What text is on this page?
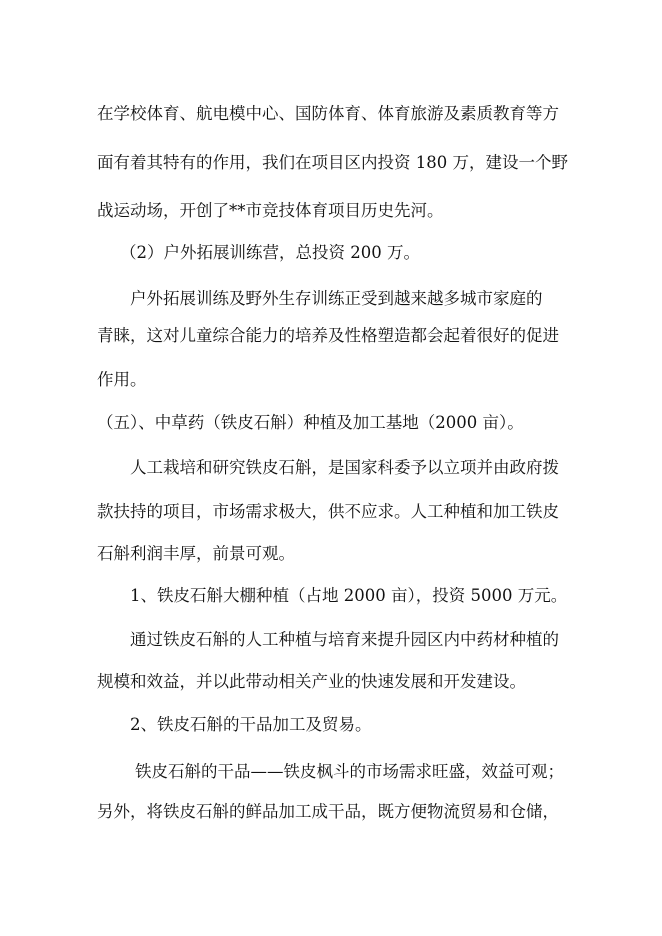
在学校体育、航电模中心、国防体育、体育旅游及素质教育等方
面有着其特有的作用，我们在项目区内投资 180 万，建设一个野
战运动场，开创了**市竞技体育项目历史先河。
（2）户外拓展训练营，总投资 200 万。
户外拓展训练及野外生存训练正受到越来越多城市家庭的
青睐，这对儿童综合能力的培养及性格塑造都会起着很好的促进
作用。
（五）、中草药（铁皮石斛）种植及加工基地（2000 亩）。
人工栽培和研究铁皮石斛，是国家科委予以立项并由政府拨
款扶持的项目，市场需求极大，供不应求。人工种植和加工铁皮
石斛利润丰厚，前景可观。
1、铁皮石斛大棚种植（占地 2000 亩），投资 5000 万元。
通过铁皮石斛的人工种植与培育来提升园区内中药材种植的
规模和效益，并以此带动相关产业的快速发展和开发建设。
2、铁皮石斛的干品加工及贸易。
铁皮石斛的干品——铁皮枫斗的市场需求旺盛，效益可观；
另外，将铁皮石斛的鲜品加工成干品，既方便物流贸易和仓储，
